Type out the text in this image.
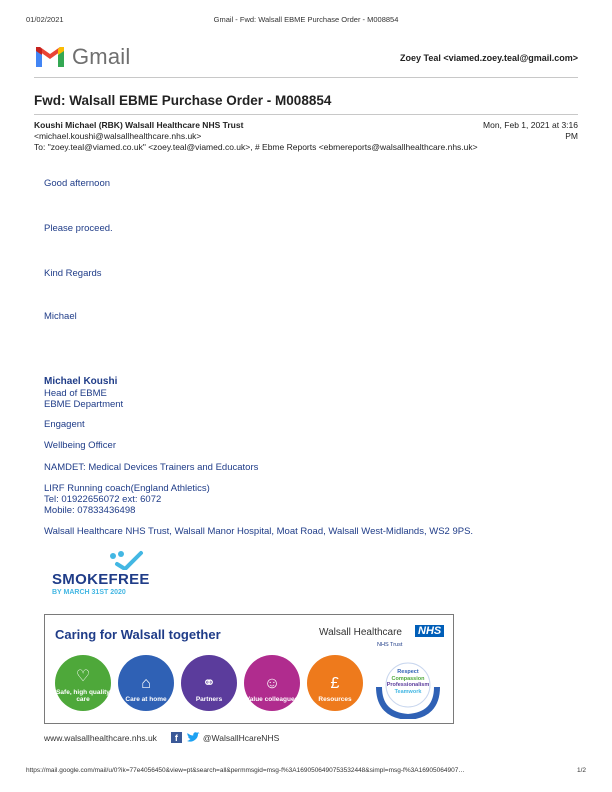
01/02/2021	Gmail - Fwd: Walsall EBME Purchase Order - M008854
Gmail	Zoey Teal <viamed.zoey.teal@gmail.com>
Fwd: Walsall EBME Purchase Order - M008854
Koushi Michael (RBK) Walsall Healthcare NHS Trust
<michael.koushi@walsallhealthcare.nhs.uk>
Mon, Feb 1, 2021 at 3:16
PM
To: "zoey.teal@viamed.co.uk" <zoey.teal@viamed.co.uk>, # Ebme Reports <ebmereports@walsallhealthcare.nhs.uk>
Good afternoon
Please proceed.
Kind Regards
Michael
Michael Koushi
Head of EBME
EBME Department
Engagent
Wellbeing Officer
NAMDET: Medical Devices Trainers and Educators
LIRF Running coach(England Athletics)
Tel: 01922656072 ext: 6072
Mobile: 07833436498
Walsall Healthcare NHS Trust, Walsall Manor Hospital, Moat Road, Walsall West-Midlands, WS2 9PS.
SMOKEFREE
BY MARCH 31ST 2020
Caring for Walsall together	Walsall Healthcare NHS
NHS Trust
♡
Safe, high quality care
⌂
Care at home
⚭
Partners
☺
Value colleagues
£
Resources
Respect
Compassion
Professionalism
Teamwork
www.walsallhealthcare.nhs.uk	f	@WalsallHcareNHS
https://mail.google.com/mail/u/0?ik=77e4056450&view=pt&search=all&permmsgid=msg-f%3A1690506490753532448&simpl=msg-f%3A16905064907…	1/2
